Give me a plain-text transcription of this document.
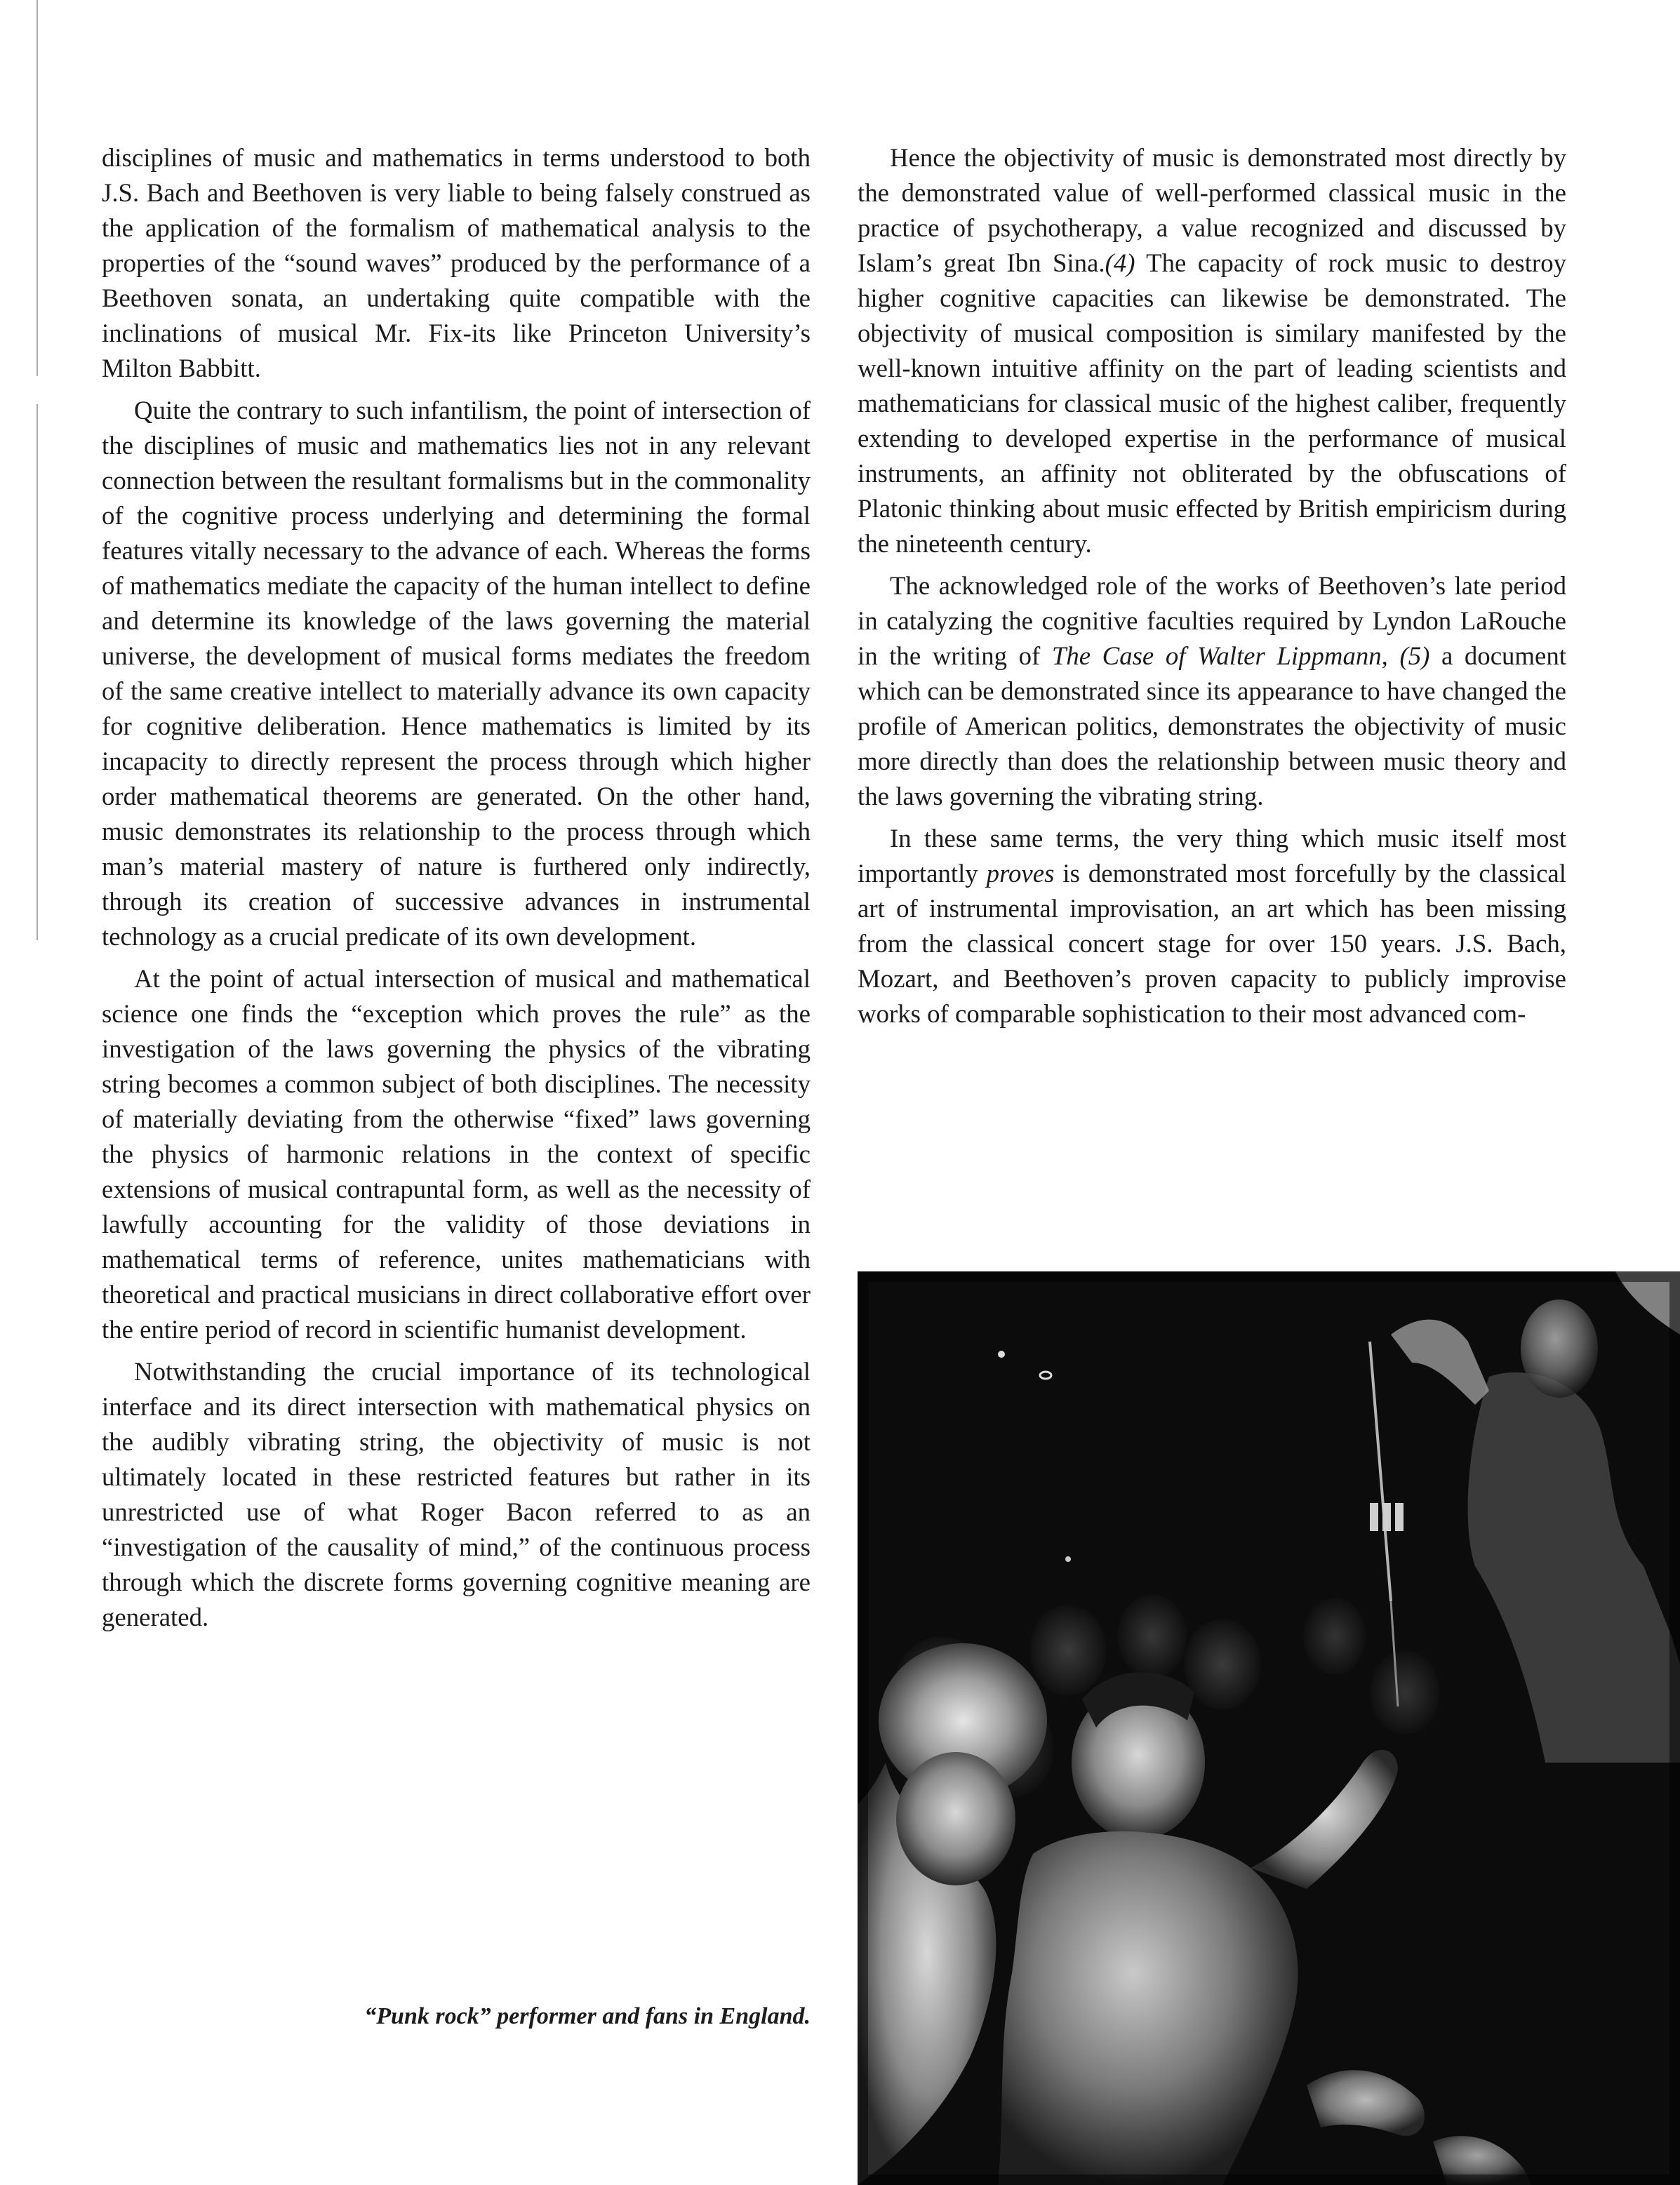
disciplines of music and mathematics in terms understood to both J.S. Bach and Beethoven is very liable to being falsely construed as the application of the formalism of mathematical analysis to the properties of the “sound waves” produced by the performance of a Beethoven sonata, an undertaking quite compatible with the inclinations of musical Mr. Fix-its like Princeton University’s Milton Babbitt.

Quite the contrary to such infantilism, the point of intersection of the disciplines of music and mathematics lies not in any relevant connection between the resultant formalisms but in the commonality of the cognitive process underlying and determining the formal features vitally necessary to the advance of each. Whereas the forms of mathematics mediate the capacity of the human intellect to define and determine its knowledge of the laws governing the material universe, the development of musical forms mediates the freedom of the same creative intellect to materially advance its own capacity for cognitive deliberation. Hence mathematics is limited by its incapacity to directly represent the process through which higher order mathematical theorems are generated. On the other hand, music demonstrates its relationship to the process through which man’s material mastery of nature is furthered only indirectly, through its creation of successive advances in instrumental technology as a crucial predicate of its own development.

At the point of actual intersection of musical and mathematical science one finds the “exception which proves the rule” as the investigation of the laws governing the physics of the vibrating string becomes a common subject of both disciplines. The necessity of materially deviating from the otherwise “fixed” laws governing the physics of harmonic relations in the context of specific extensions of musical contrapuntal form, as well as the necessity of lawfully accounting for the validity of those deviations in mathematical terms of reference, unites mathematicians with theoretical and practical musicians in direct collaborative effort over the entire period of record in scientific humanist development.

Notwithstanding the crucial importance of its technological interface and its direct intersection with mathematical physics on the audibly vibrating string, the objectivity of music is not ultimately located in these restricted features but rather in its unrestricted use of what Roger Bacon referred to as an “investigation of the causality of mind,” of the continuous process through which the discrete forms governing cognitive meaning are generated.

Hence the objectivity of music is demonstrated most directly by the demonstrated value of well-performed classical music in the practice of psychotherapy, a value recognized and discussed by Islam’s great Ibn Sina.(4) The capacity of rock music to destroy higher cognitive capacities can likewise be demonstrated. The objectivity of musical composition is similary manifested by the well-known intuitive affinity on the part of leading scientists and mathematicians for classical music of the highest caliber, frequently extending to developed expertise in the performance of musical instruments, an affinity not obliterated by the obfuscations of Platonic thinking about music effected by British empiricism during the nineteenth century.

The acknowledged role of the works of Beethoven’s late period in catalyzing the cognitive faculties required by Lyndon LaRouche in the writing of The Case of Walter Lippmann, (5) a document which can be demonstrated since its appearance to have changed the profile of American politics, demonstrates the objectivity of music more directly than does the relationship between music theory and the laws governing the vibrating string.

In these same terms, the very thing which music itself most importantly proves is demonstrated most forcefully by the classical art of instrumental improvisation, an art which has been missing from the classical concert stage for over 150 years. J.S. Bach, Mozart, and Beethoven’s proven capacity to publicly improvise works of comparable sophistication to their most advanced com-

“Punk rock” performer and fans in England.
